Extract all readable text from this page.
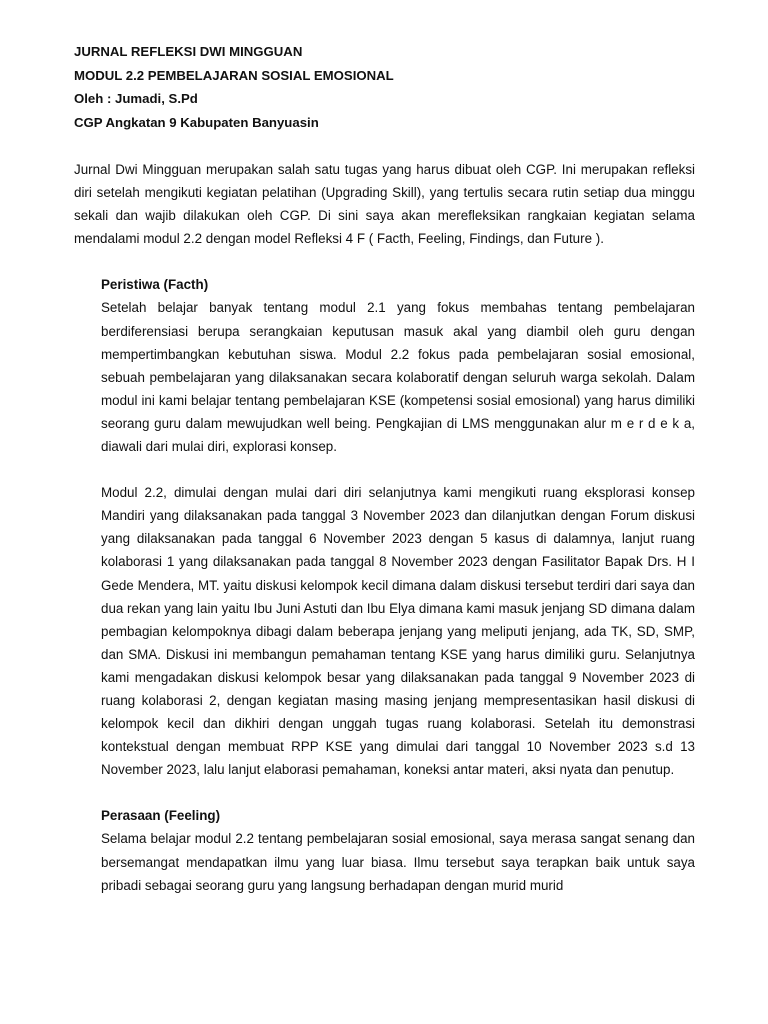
JURNAL REFLEKSI DWI MINGGUAN

MODUL 2.2 PEMBELAJARAN SOSIAL EMOSIONAL

Oleh : Jumadi, S.Pd

CGP Angkatan 9 Kabupaten Banyuasin

Jurnal Dwi Mingguan merupakan salah satu tugas yang harus dibuat oleh CGP. Ini merupakan refleksi diri setelah mengikuti kegiatan pelatihan (Upgrading Skill), yang tertulis secara rutin setiap dua minggu sekali dan wajib dilakukan oleh CGP. Di sini saya akan merefleksikan rangkaian kegiatan selama mendalami modul 2.2 dengan model Refleksi 4 F ( Facth, Feeling, Findings, dan Future ).

Peristiwa (Facth)

Setelah belajar banyak tentang modul 2.1 yang fokus membahas tentang pembelajaran berdiferensiasi berupa serangkaian keputusan masuk akal yang diambil oleh guru dengan mempertimbangkan kebutuhan siswa. Modul 2.2 fokus pada pembelajaran sosial emosional, sebuah pembelajaran yang dilaksanakan secara kolaboratif dengan seluruh warga sekolah. Dalam modul ini kami belajar tentang pembelajaran KSE (kompetensi sosial emosional) yang harus dimiliki seorang guru dalam mewujudkan well being. Pengkajian di LMS menggunakan alur m e r d e k a, diawali dari mulai diri, explorasi konsep.

Modul 2.2, dimulai dengan mulai dari diri selanjutnya kami mengikuti ruang eksplorasi konsep Mandiri yang dilaksanakan pada tanggal 3 November 2023 dan dilanjutkan dengan Forum diskusi yang dilaksanakan pada tanggal 6 November 2023 dengan 5 kasus di dalamnya, lanjut ruang kolaborasi 1 yang dilaksanakan pada tanggal 8 November 2023 dengan Fasilitator Bapak Drs. H I Gede Mendera, MT. yaitu diskusi kelompok kecil dimana dalam diskusi tersebut terdiri dari saya dan dua rekan yang lain yaitu Ibu Juni Astuti dan Ibu Elya dimana kami masuk jenjang SD dimana dalam pembagian kelompoknya dibagi dalam beberapa jenjang yang meliputi jenjang, ada TK, SD, SMP, dan SMA. Diskusi ini membangun pemahaman tentang KSE yang harus dimiliki guru. Selanjutnya kami mengadakan diskusi kelompok besar yang dilaksanakan pada tanggal 9 November 2023 di ruang kolaborasi 2, dengan kegiatan masing masing jenjang mempresentasikan hasil diskusi di kelompok kecil dan dikhiri dengan unggah tugas ruang kolaborasi. Setelah itu demonstrasi kontekstual dengan membuat RPP KSE yang dimulai dari tanggal 10 November 2023 s.d 13 November 2023, lalu lanjut elaborasi pemahaman, koneksi antar materi, aksi nyata dan penutup.

Perasaan (Feeling)

Selama belajar modul 2.2 tentang pembelajaran sosial emosional, saya merasa sangat senang dan bersemangat mendapatkan ilmu yang luar biasa. Ilmu tersebut saya terapkan baik untuk saya pribadi sebagai seorang guru yang langsung berhadapan dengan murid murid
